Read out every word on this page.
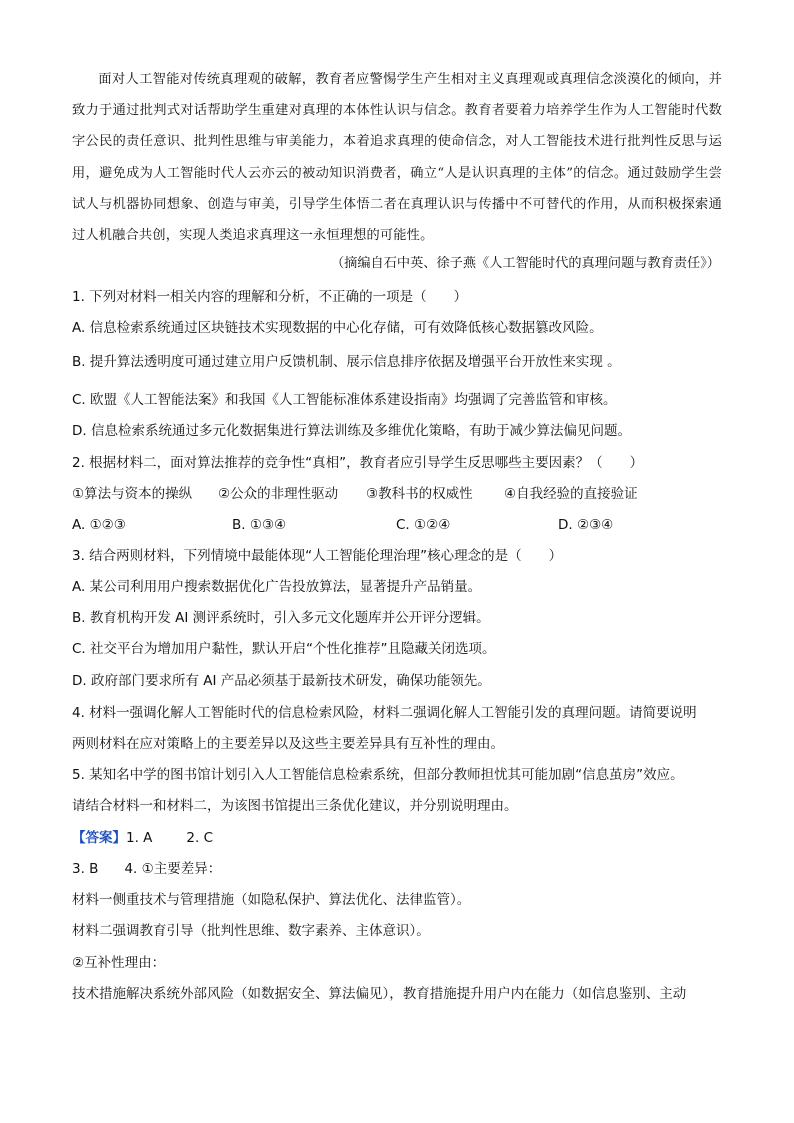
面对人工智能对传统真理观的破解，教育者应警惕学生产生相对主义真理观或真理信念淡漠化的倾向，并致力于通过批判式对话帮助学生重建对真理的本体性认识与信念。教育者要着力培养学生作为人工智能时代数字公民的责任意识、批判性思维与审美能力，本着追求真理的使命信念，对人工智能技术进行批判性反思与运用，避免成为人工智能时代人云亦云的被动知识消费者，确立“人是认识真理的主体”的信念。通过鼓励学生尝试人与机器协同想象、创造与审美，引导学生体悟二者在真理认识与传播中不可替代的作用，从而积极探索通过人机融合共创，实现人类追求真理这一永恒理想的可能性。

（摘编自石中英、徐子燕《人工智能时代的真理问题与教育责任》）
1. 下列对材料一相关内容的理解和分析，不正确的一项是（　　）
A. 信息检索系统通过区块链技术实现数据的中心化存储，可有效降低核心数据篡改风险。
B. 提升算法透明度可通过建立用户反馈机制、展示信息排序依据及增强平台开放性来实现 。
C. 欧盟《人工智能法案》和我国《人工智能标准体系建设指南》均强调了完善监管和审核。
D. 信息检索系统通过多元化数据集进行算法训练及多维优化策略，有助于减少算法偏见问题。
2. 根据材料二，面对算法推荐的竞争性“真相”，教育者应引导学生反思哪些主要因素？（　　）
①算法与资本的操纵	②公众的非理性驱动	③教科书的权威性	④自我经验的直接验证
A. ①②③	B. ①③④	C. ①②④	D. ②③④
3. 结合两则材料，下列情境中最能体现“人工智能伦理治理”核心理念的是（　　）
A. 某公司利用用户搜索数据优化广告投放算法，显著提升产品销量。
B. 教育机构开发 AI 测评系统时，引入多元文化题库并公开评分逻辑。
C. 社交平台为增加用户黏性，默认开启“个性化推荐”且隐藏关闭选项。
D. 政府部门要求所有 AI 产品必须基于最新技术研发，确保功能领先。
4. 材料一强调化解人工智能时代的信息检索风险，材料二强调化解人工智能引发的真理问题。请简要说明
两则材料在应对策略上的主要差异以及这些主要差异具有互补性的理由。
5. 某知名中学的图书馆计划引入人工智能信息检索系统，但部分教师担忧其可能加剧“信息茧房”效应。
请结合材料一和材料二，为该图书馆提出三条优化建议，并分别说明理由。
【答案】1. A	2. C
3. B 4. ①主要差异：
材料一侧重技术与管理措施（如隐私保护、算法优化、法律监管）。
材料二强调教育引导（批判性思维、数字素养、主体意识）。
②互补性理由：
技术措施解决系统外部风险（如数据安全、算法偏见），教育措施提升用户内在能力（如信息鉴别、主动
